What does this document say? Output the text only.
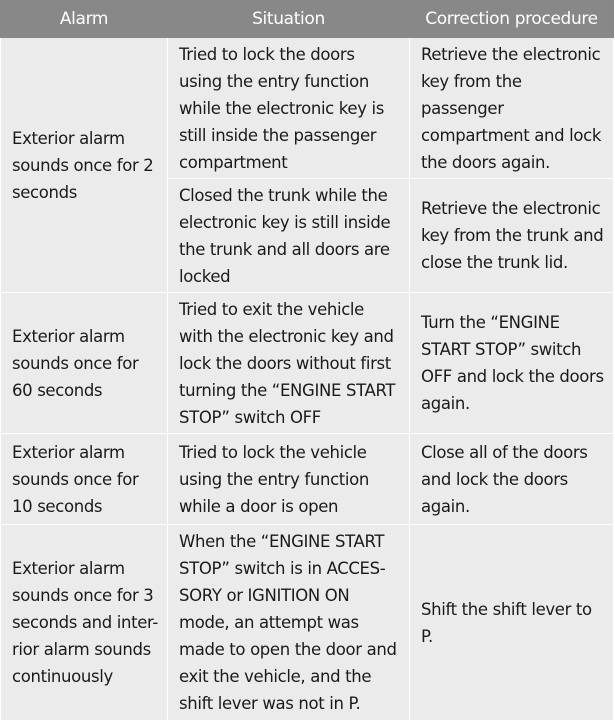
Alarm	Situation	Correction procedure
Exterior alarm sounds once for 2 seconds	Tried to lock the doors using the entry function while the electronic key is still inside the passenger compartment	Retrieve the electronic key from the passenger compartment and lock the doors again.
	Closed the trunk while the electronic key is still inside the trunk and all doors are locked	Retrieve the electronic key from the trunk and close the trunk lid.
Exterior alarm sounds once for 60 seconds	Tried to exit the vehicle with the electronic key and lock the doors without first turning the “ENGINE START STOP” switch OFF	Turn the “ENGINE START STOP” switch OFF and lock the doors again.
Exterior alarm sounds once for 10 seconds	Tried to lock the vehicle using the entry function while a door is open	Close all of the doors and lock the doors again.
Exterior alarm sounds once for 3 seconds and inter-rior alarm sounds continuously	When the “ENGINE START STOP” switch is in ACCES-SORY or IGNITION ON mode, an attempt was made to open the door and exit the vehicle, and the shift lever was not in P.	Shift the shift lever to P.
